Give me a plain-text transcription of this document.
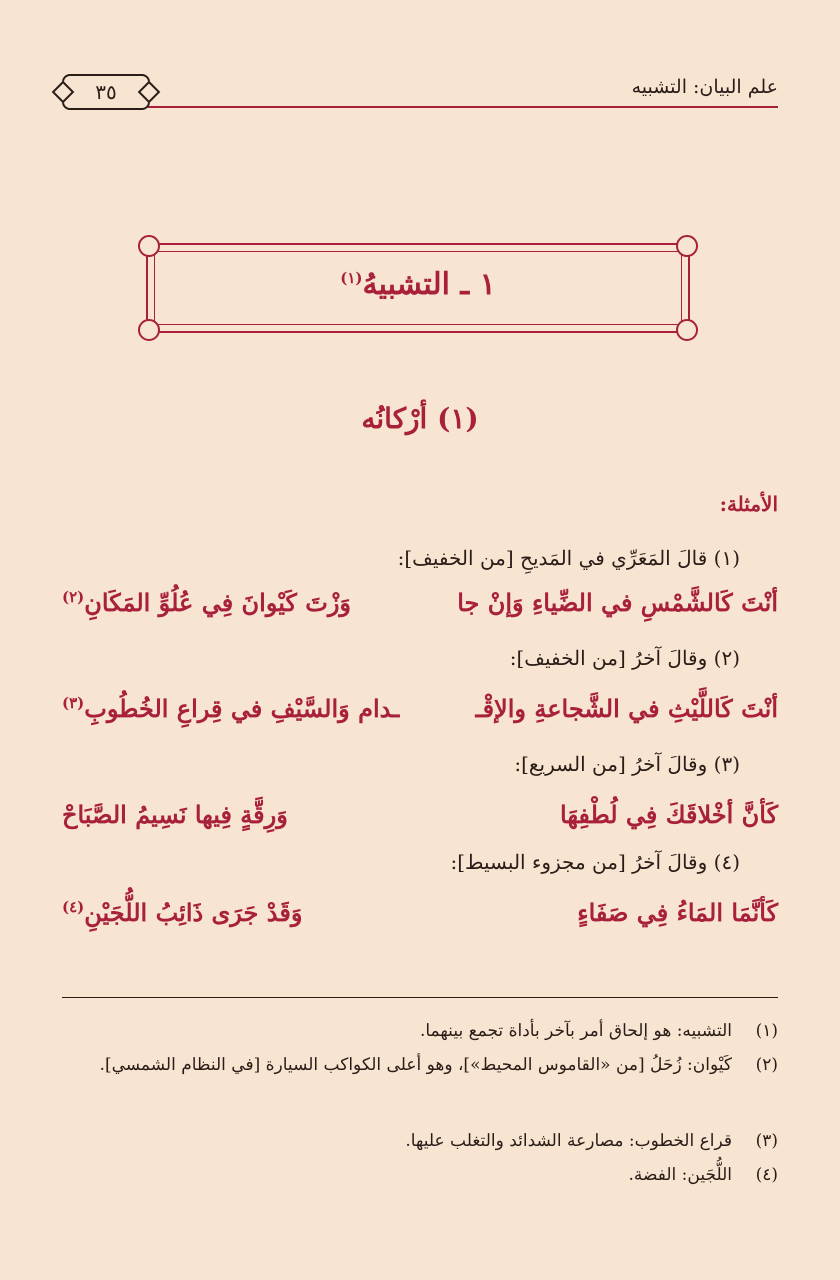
علم البيان: التشبيه
٣٥
١ ـ التشبيهُ$^{(١)}$
(١) أرْكانُه
الأمثلة:
(١) قالَ المَعَرِّي في المَديحِ [من الخفيف]:
أنْتَ كَالشَّمْسِ في الضِّياءِ وَإنْ جا
وَزْتَ كَيْوانَ فِي عُلُوِّ المَكَانِ$^{(٢)}$
(٢) وقالَ آخرُ [من الخفيف]:
أنْتَ كَاللَّيْثِ في الشَّجاعةِ والإقْـ
ـدام وَالسَّيْفِ في قِراعِ الخُطُوبِ$^{(٣)}$
(٣) وقالَ آخرُ [من السريع]:
كَأنَّ أخْلاقَكَ فِي لُطْفِهَا
وَرِقَّةٍ فِيها نَسِيمُ الصَّبَاحْ
(٤) وقالَ آخرُ [من مجزوء البسيط]:
كَأنَّمَا المَاءُ فِي صَفَاءٍ
وَقَدْ جَرَى ذَائِبُ اللُّجَيْنِ$^{(٤)}$
(١)التشبيه: هو إلحاق أمر بآخر بأداة تجمع بينهما.
(٢)كَيْوان: زُحَلُ [من «القاموس المحيط»]، وهو أعلى الكواكب السيارة [في النظام الشمسي].
(٣)قراع الخطوب: مصارعة الشدائد والتغلب عليها.
(٤)اللُّجَين: الفضة.
